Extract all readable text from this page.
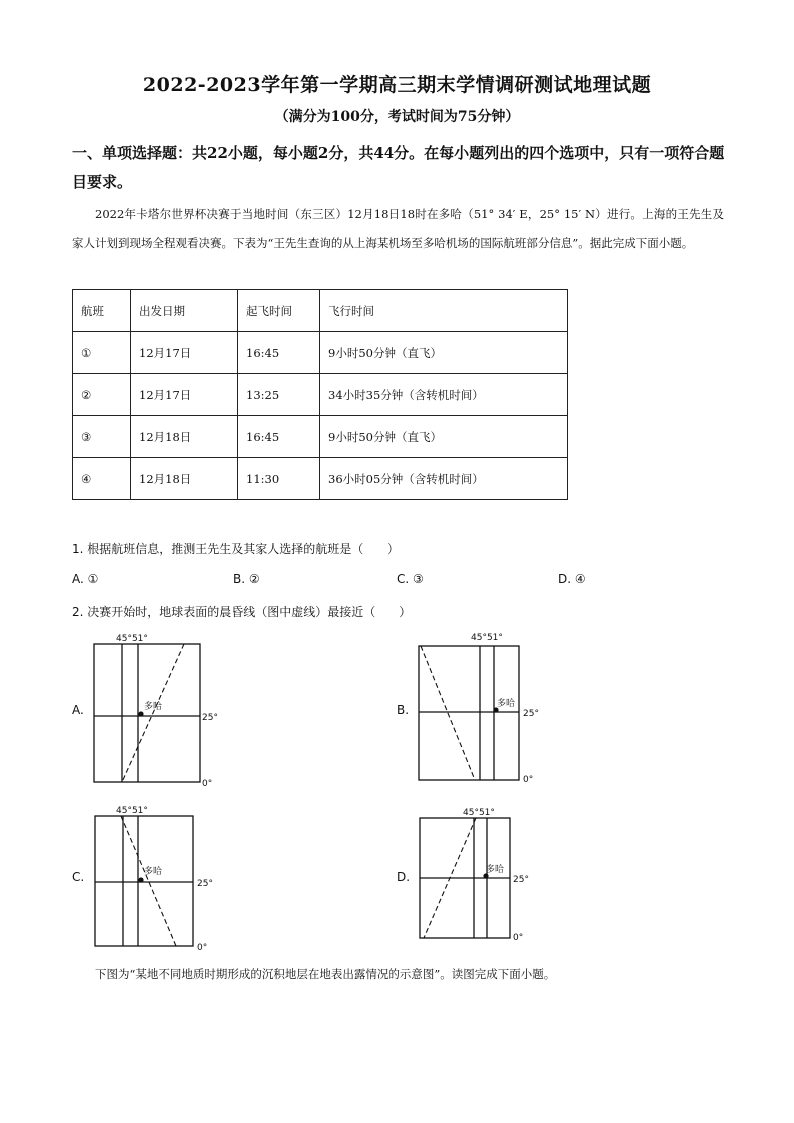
2022-2023学年第一学期高三期末学情调研测试地理试题
（满分为100分，考试时间为75分钟）
一、单项选择题：共22小题，每小题2分，共44分。在每小题列出的四个选项中，只有一项符合题目要求。
2022年卡塔尔世界杯决赛于当地时间（东三区）12月18日18时在多哈（51° 34′ E，25° 15′ N）进行。上海的王先生及家人计划到现场全程观看决赛。下表为“王先生查询的从上海某机场至多哈机场的国际航班部分信息”。据此完成下面小题。
航班	出发日期	起飞时间	飞行时间
①	12月17日	16:45	9小时50分钟（直飞）
②	12月17日	13:25	34小时35分钟（含转机时间）
③	12月18日	16:45	9小时50分钟（直飞）
④	12月18日	11:30	36小时05分钟（含转机时间）
1. 根据航班信息，推测王先生及其家人选择的航班是（　　）
A. ①	B. ②	C. ③	D. ④
2. 决赛开始时，地球表面的晨昏线（图中虚线）最接近（　　）
A.
45°51°
多哈
25°
0°
B.
45°51°
多哈
25°
0°
C.
45°51°
多哈
25°
0°
D.
45°51°
多哈
25°
0°
下图为“某地不同地质时期形成的沉积地层在地表出露情况的示意图”。读图完成下面小题。
